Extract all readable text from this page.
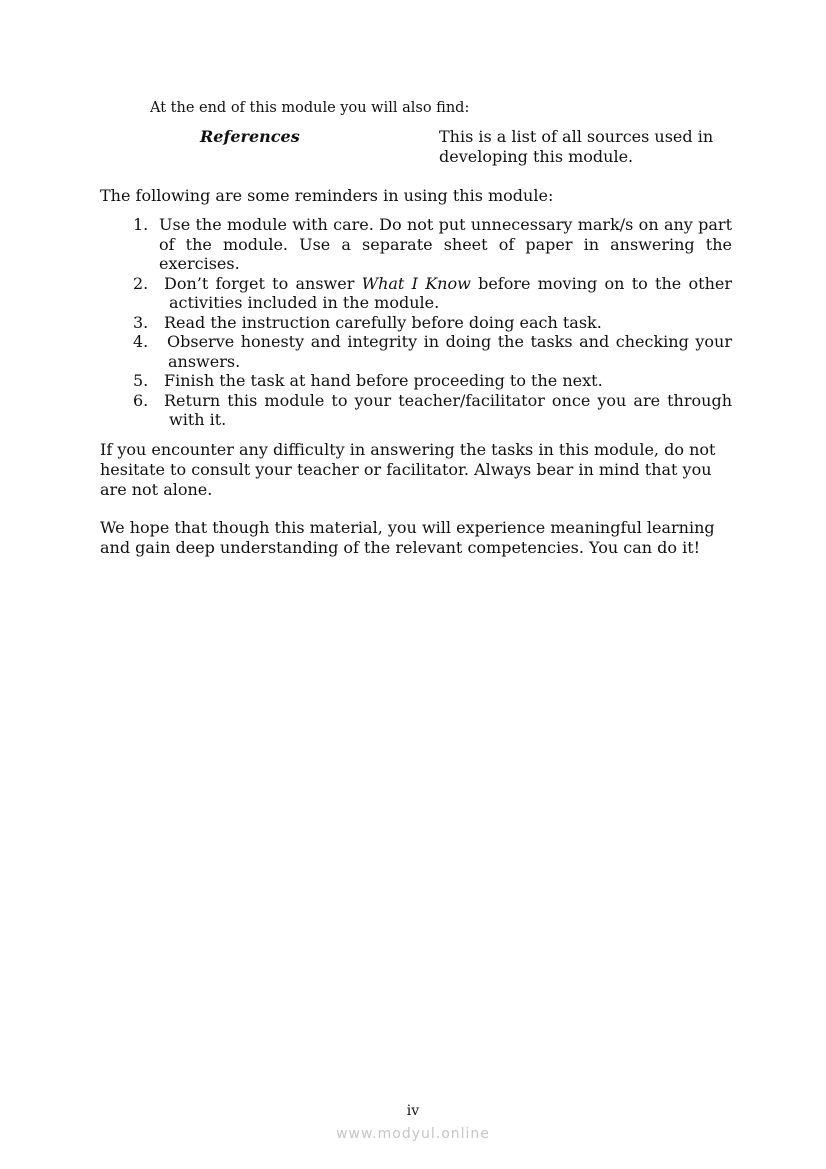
At the end of this module you will also find:
References	This is a list of all sources used in developing this module.
The following are some reminders in using this module:
1. Use the module with care. Do not put unnecessary mark/s on any part of the module. Use a separate sheet of paper in answering the exercises.
2. Don’t forget to answer What I Know before moving on to the other activities included in the module.
3. Read the instruction carefully before doing each task.
4. Observe honesty and integrity in doing the tasks and checking your answers.
5. Finish the task at hand before proceeding to the next.
6. Return this module to your teacher/facilitator once you are through with it.
If you encounter any difficulty in answering the tasks in this module, do not hesitate to consult your teacher or facilitator. Always bear in mind that you are not alone.
We hope that though this material, you will experience meaningful learning and gain deep understanding of the relevant competencies. You can do it!
iv
www.modyul.online
